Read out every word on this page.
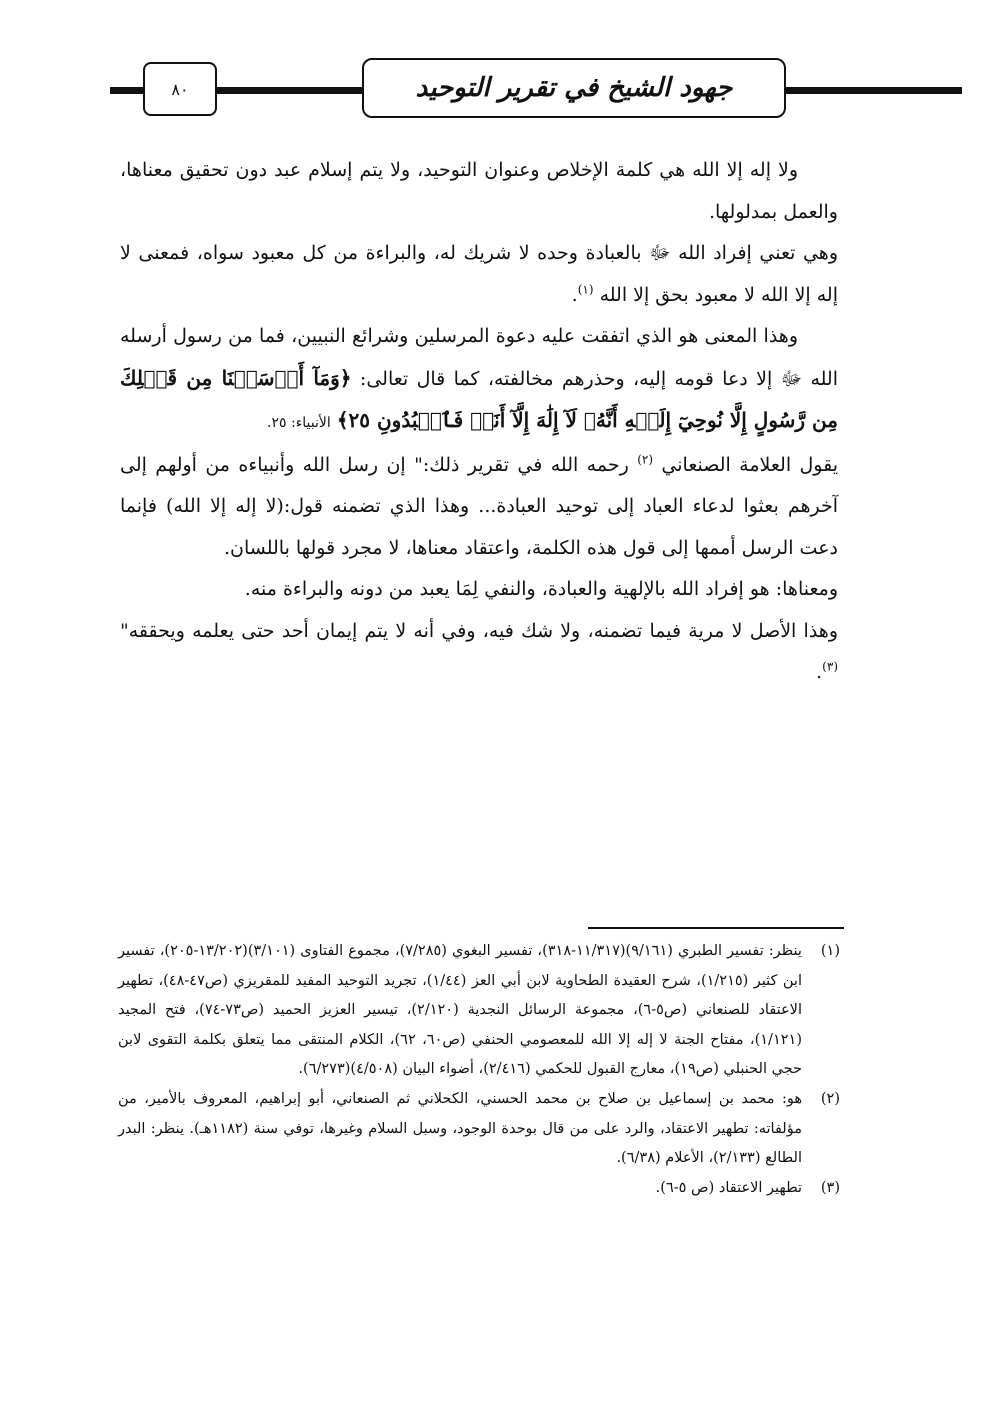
٨٠	جهود الشيخ في تقرير التوحيد

ولا إله إلا الله هي كلمة الإخلاص وعنوان التوحيد، ولا يتم إسلام عبد دون تحقيق معناها، والعمل بمدلولها.

وهي تعني إفراد الله ﷻ بالعبادة وحده لا شريك له، والبراءة من كل معبود سواه، فمعنى لا إله إلا الله لا معبود بحق إلا الله $^{(١)}$.

وهذا المعنى هو الذي اتفقت عليه دعوة المرسلين وشرائع النبيين، فما من رسول أرسله الله ﷻ إلا دعا قومه إليه، وحذرهم مخالفته، كما قال تعالى: ﴿وَمَآ أَرۡسَلۡنَا مِن قَبۡلِكَ مِن رَّسُولٍ إِلَّا نُوحِيٓ إِلَيۡهِ أَنَّهُۥ لَآ إِلَٰهَ إِلَّآ أَنَا۠ فَٱعۡبُدُونِ ٢٥﴾ الأنبياء: ٢٥.

يقول العلامة الصنعاني $^{(٢)}$ رحمه الله في تقرير ذلك:" إن رسل الله وأنبياءه من أولهم إلى آخرهم بعثوا لدعاء العباد إلى توحيد العبادة... وهذا الذي تضمنه قول:(لا إله إلا الله) فإنما دعت الرسل أممها إلى قول هذه الكلمة، واعتقاد معناها، لا مجرد قولها باللسان.

ومعناها: هو إفراد الله بالإلهية والعبادة، والنفي لِمَا يعبد من دونه والبراءة منه.

وهذا الأصل لا مرية فيما تضمنه، ولا شك فيه، وفي أنه لا يتم إيمان أحد حتى يعلمه ويحققه"$^{(٣)}$.

(١)
ينظر: تفسير الطبري (٩/١٦١)(١١/٣١٧-٣١٨)، تفسير البغوي (٧/٢٨٥)، مجموع الفتاوى (٣/١٠١)(١٣/٢٠٢-٢٠٥)، تفسير ابن كثير (١/٢١٥)، شرح العقيدة الطحاوية لابن أبي العز (١/٤٤)، تجريد التوحيد المفيد للمقريزي (ص٤٧-٤٨)، تطهير الاعتقاد للصنعاني (ص٥-٦)، مجموعة الرسائل النجدية (٢/١٢٠)، تيسير العزيز الحميد (ص٧٣-٧٤)، فتح المجيد (١/١٢١)، مفتاح الجنة لا إله إلا الله للمعصومي الحنفي (ص٦٠، ٦٢)، الكلام المنتقى مما يتعلق بكلمة التقوى لابن حجي الحنبلي (ص١٩)، معارج القبول للحكمي (٢/٤١٦)، أضواء البيان (٤/٥٠٨)(٦/٢٧٣).
(٢)
هو: محمد بن إسماعيل بن صلاح بن محمد الحسني، الكحلاني ثم الصنعاني، أبو إبراهيم، المعروف بالأمير، من مؤلفاته: تطهير الاعتقاد، والرد على من قال بوحدة الوجود، وسبل السلام وغيرها، توفي سنة (١١٨٢هـ). ينظر: البدر الطالع (٢/١٣٣)، الأعلام (٦/٣٨).
(٣)
تطهير الاعتقاد (ص ٥-٦).
